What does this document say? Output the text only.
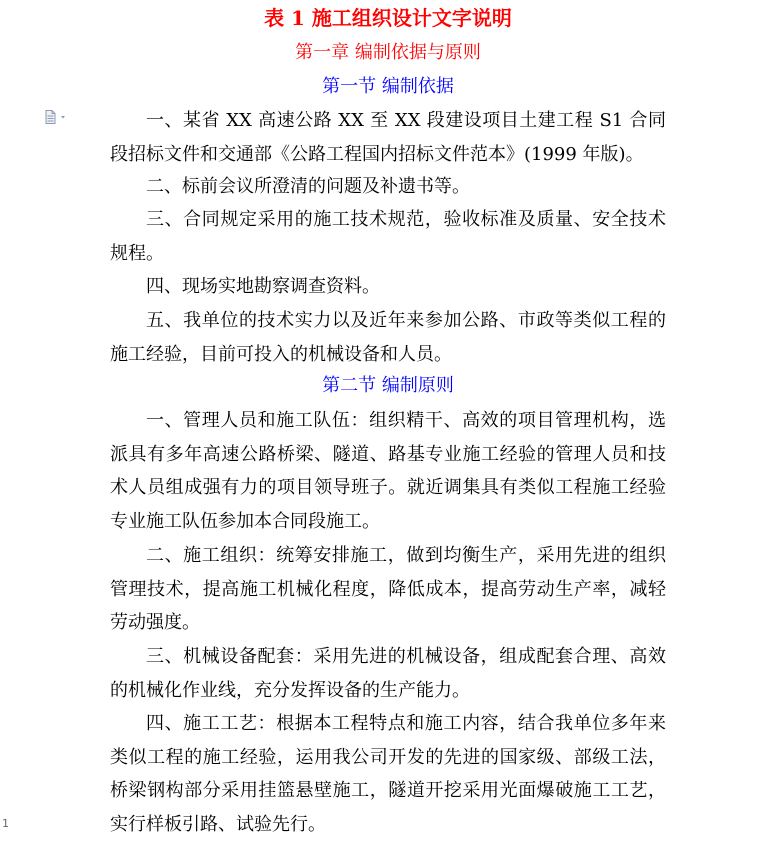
表 1 施工组织设计文字说明
第一章 编制依据与原则
第一节 编制依据

一、某省 XX 高速公路 XX 至 XX 段建设项目土建工程 S1 合同段招标文件和交通部《公路工程国内招标文件范本》(1999 年版)。

二、标前会议所澄清的问题及补遗书等。

三、合同规定采用的施工技术规范，验收标准及质量、安全技术规程。

四、现场实地勘察调查资料。

五、我单位的技术实力以及近年来参加公路、市政等类似工程的施工经验，目前可投入的机械设备和人员。

第二节 编制原则

一、管理人员和施工队伍：组织精干、高效的项目管理机构，选派具有多年高速公路桥梁、隧道、路基专业施工经验的管理人员和技术人员组成强有力的项目领导班子。就近调集具有类似工程施工经验专业施工队伍参加本合同段施工。

二、施工组织：统筹安排施工，做到均衡生产，采用先进的组织管理技术，提高施工机械化程度，降低成本，提高劳动生产率，减轻劳动强度。

三、机械设备配套：采用先进的机械设备，组成配套合理、高效的机械化作业线，充分发挥设备的生产能力。

四、施工工艺：根据本工程特点和施工内容，结合我单位多年来类似工程的施工经验，运用我公司开发的先进的国家级、部级工法，桥梁钢构部分采用挂篮悬壁施工，隧道开挖采用光面爆破施工工艺，实行样板引路、试验先行。

1
